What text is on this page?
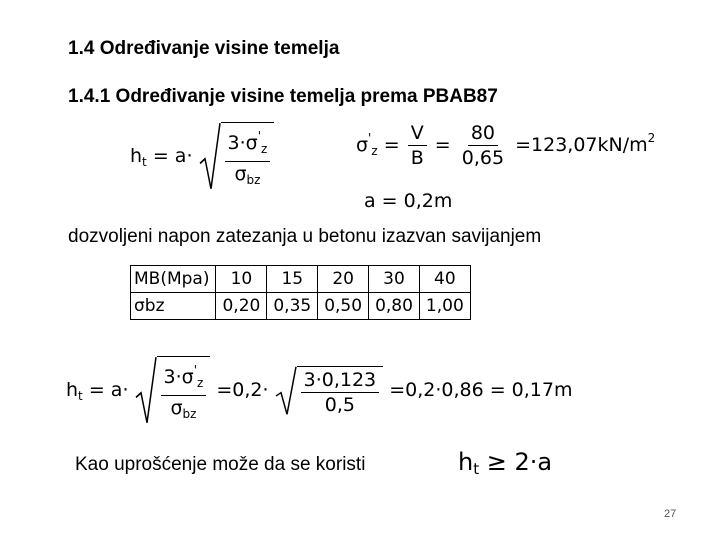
1.4 Određivanje visine temelja
1.4.1 Određivanje visine temelja prema PBAB87
$h_t = a\cdot \frac{3\cdot\sigma'_z}{\sigma_{bz}}$	$\sigma'_z = \frac{V}{B} = \frac{80}{0,65} =123,07kN/m^2$
a = 0,2m
dozvoljeni napon zatezanja u betonu izazvan savijanjem
MB(Mpa)	10	15	20	30	40
σbz	0,20	0,35	0,50	0,80	1,00
$h_t = a\cdot \frac{3\cdot\sigma'_z}{\sigma_{bz}} =0,2\cdot \frac{3\cdot 0,123}{0,5} =0,2\cdot 0,86 = 0,17m$
Kao uprošćenje može da se koristi	$h_t \ge 2\cdot a$
27
